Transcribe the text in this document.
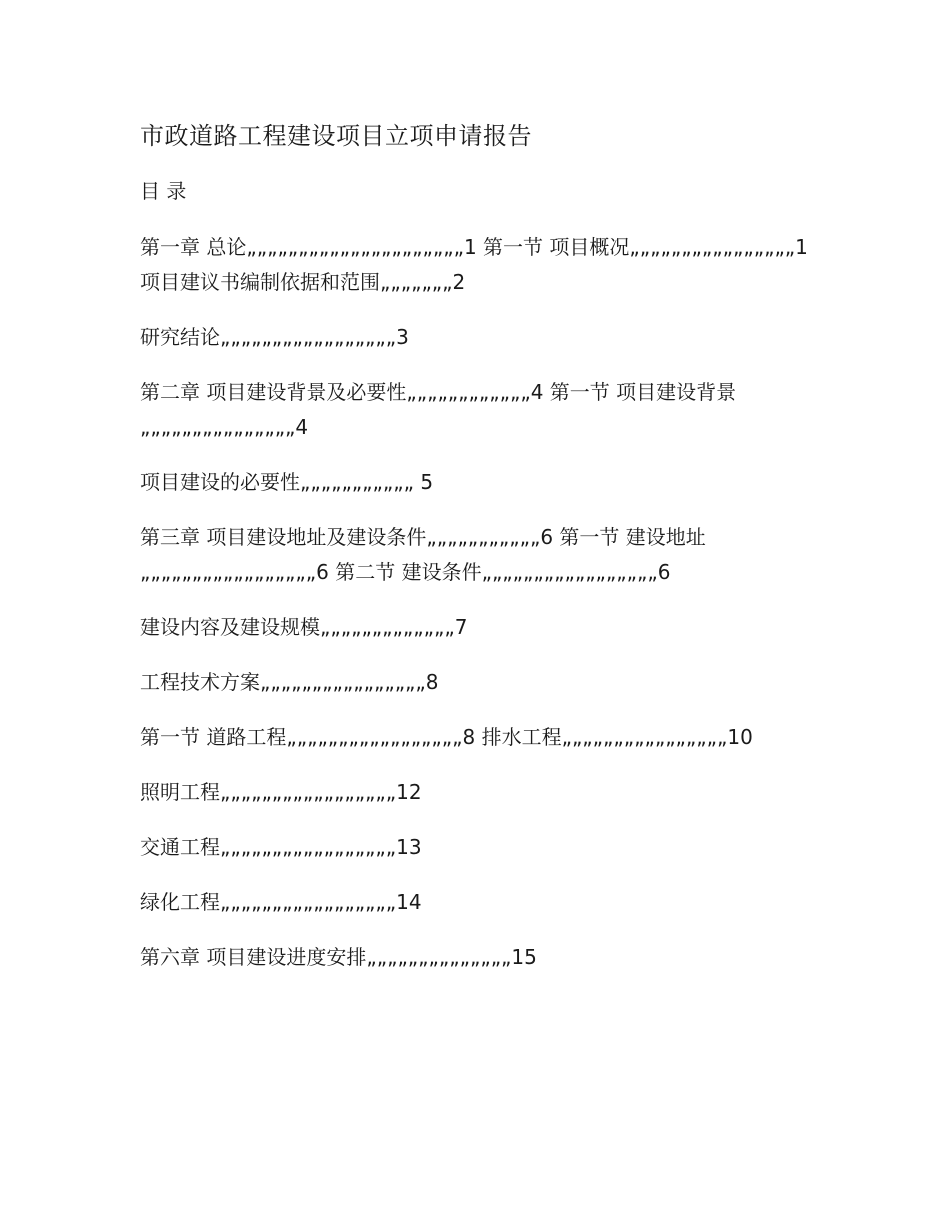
市政道路工程建设项目立项申请报告
目 录
第一章 总论„„„„„„„„„„„„„„„„„„„„„1 第一节 项目概况„„„„„„„„„„„„„„„„1 项目建议书编制依据和范围„„„„„„„2
研究结论„„„„„„„„„„„„„„„„„3
第二章 项目建设背景及必要性„„„„„„„„„„„„4 第一节 项目建设背景„„„„„„„„„„„„„„„4
项目建设的必要性„„„„„„„„„„„ 5
第三章 项目建设地址及建设条件„„„„„„„„„„„6 第一节 建设地址„„„„„„„„„„„„„„„„„6 第二节 建设条件„„„„„„„„„„„„„„„„„6
建设内容及建设规模„„„„„„„„„„„„„7
工程技术方案„„„„„„„„„„„„„„„„8
第一节 道路工程„„„„„„„„„„„„„„„„„8 排水工程„„„„„„„„„„„„„„„„10
照明工程„„„„„„„„„„„„„„„„„12
交通工程„„„„„„„„„„„„„„„„„13
绿化工程„„„„„„„„„„„„„„„„„14
第六章 项目建设进度安排„„„„„„„„„„„„„„15
